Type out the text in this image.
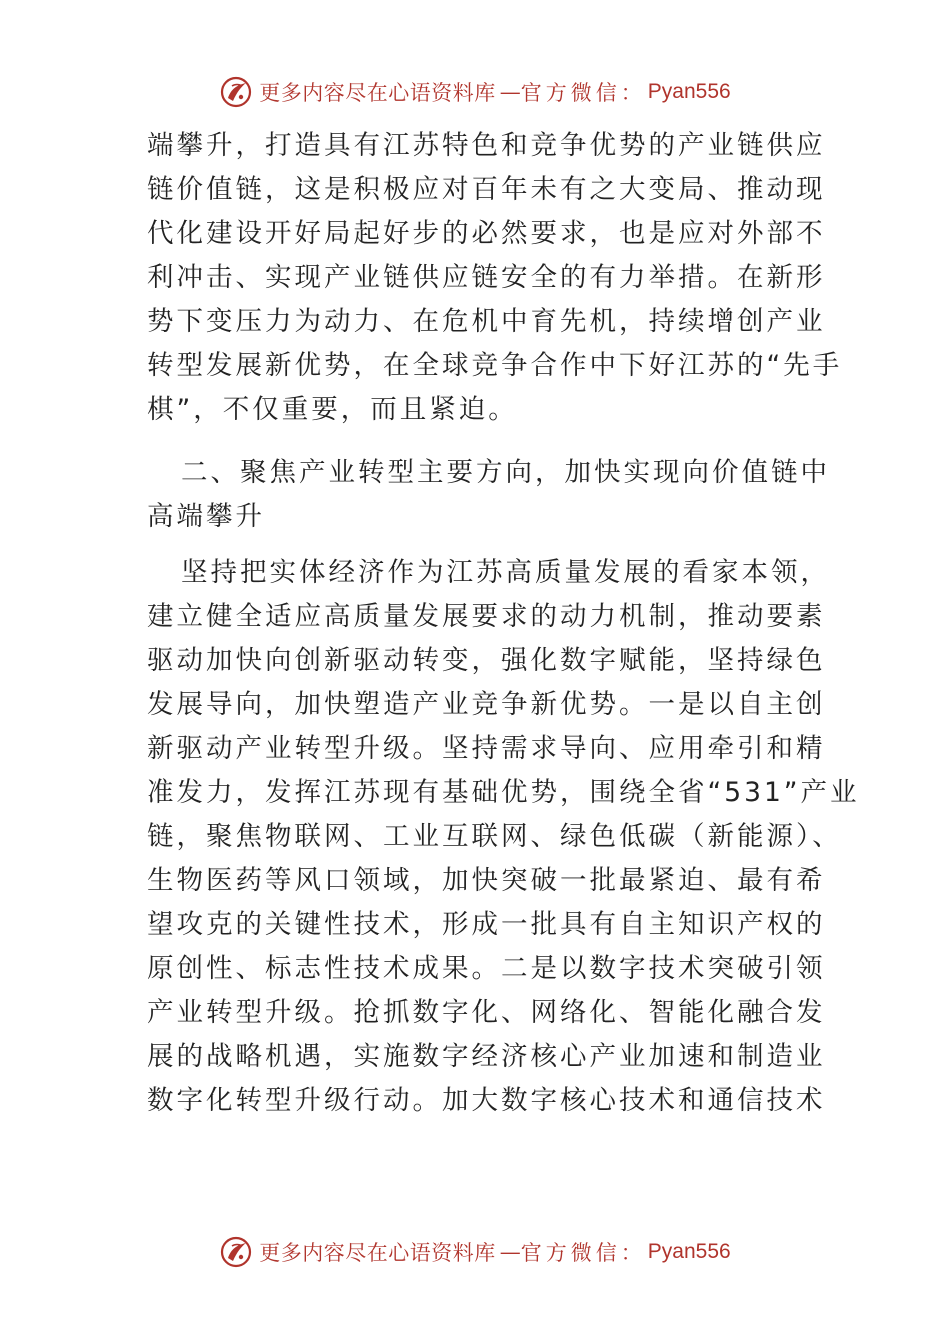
更多内容尽在心语资料库 — 官方微信： Pyan556
端攀升，打造具有江苏特色和竞争优势的产业链供应
链价值链，这是积极应对百年未有之大变局、推动现
代化建设开好局起好步的必然要求，也是应对外部不
利冲击、实现产业链供应链安全的有力举措。在新形
势下变压力为动力、在危机中育先机，持续增创产业
转型发展新优势，在全球竞争合作中下好江苏的“先手
棋”，不仅重要，而且紧迫。
二、聚焦产业转型主要方向，加快实现向价值链中
高端攀升
坚持把实体经济作为江苏高质量发展的看家本领，
建立健全适应高质量发展要求的动力机制，推动要素
驱动加快向创新驱动转变，强化数字赋能，坚持绿色
发展导向，加快塑造产业竞争新优势。一是以自主创
新驱动产业转型升级。坚持需求导向、应用牵引和精
准发力，发挥江苏现有基础优势，围绕全省“531”产业
链，聚焦物联网、工业互联网、绿色低碳（新能源）、
生物医药等风口领域，加快突破一批最紧迫、最有希
望攻克的关键性技术，形成一批具有自主知识产权的
原创性、标志性技术成果。二是以数字技术突破引领
产业转型升级。抢抓数字化、网络化、智能化融合发
展的战略机遇，实施数字经济核心产业加速和制造业
数字化转型升级行动。加大数字核心技术和通信技术
更多内容尽在心语资料库 — 官方微信： Pyan556
